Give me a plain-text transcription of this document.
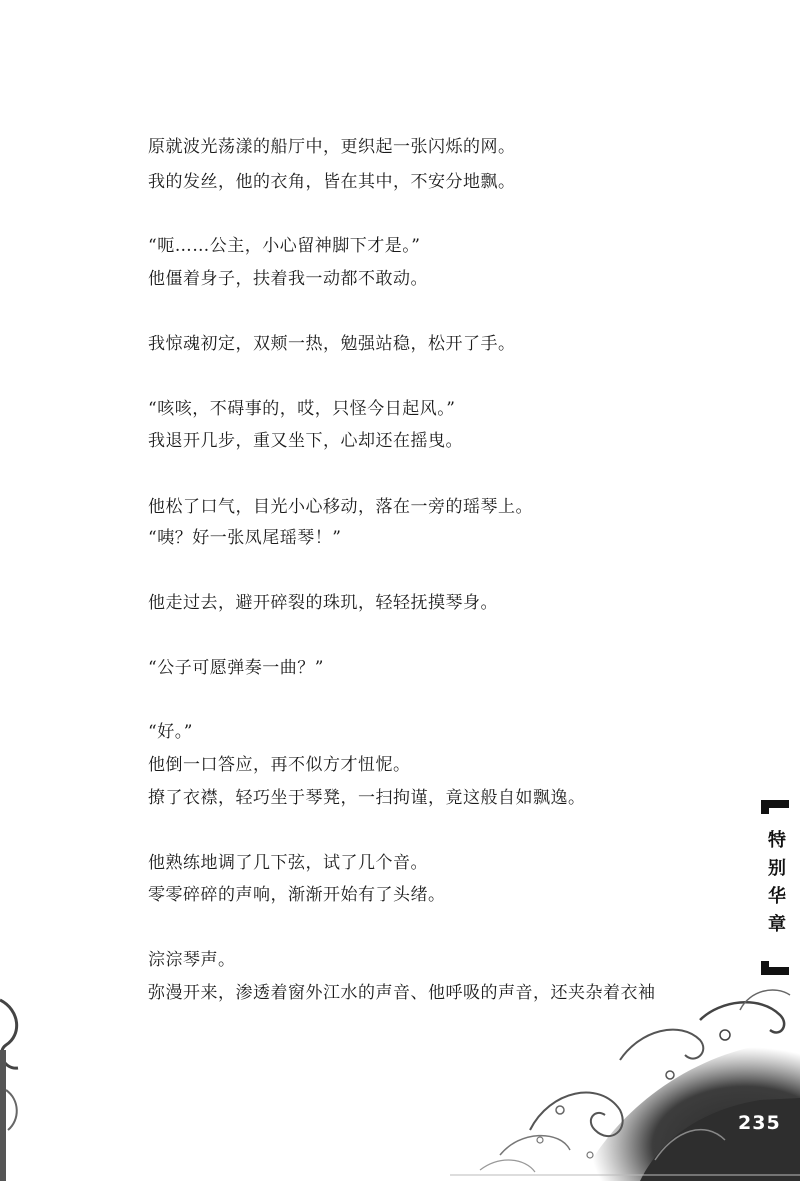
原就波光荡漾的船厅中，更织起一张闪烁的网。
我的发丝，他的衣角，皆在其中，不安分地飘。
“呃……公主，小心留神脚下才是。”
他僵着身子，扶着我一动都不敢动。
我惊魂初定，双颊一热，勉强站稳，松开了手。
“咳咳，不碍事的，哎，只怪今日起风。”
我退开几步，重又坐下，心却还在摇曳。
他松了口气，目光小心移动，落在一旁的瑶琴上。
“咦？好一张凤尾瑶琴！”
他走过去，避开碎裂的珠玑，轻轻抚摸琴身。
“公子可愿弹奏一曲？”
“好。”
他倒一口答应，再不似方才忸怩。
撩了衣襟，轻巧坐于琴凳，一扫拘谨，竟这般自如飘逸。
他熟练地调了几下弦，试了几个音。
零零碎碎的声响，渐渐开始有了头绪。
淙淙琴声。
弥漫开来，渗透着窗外江水的声音、他呼吸的声音，还夹杂着衣袖
特别华章
235
